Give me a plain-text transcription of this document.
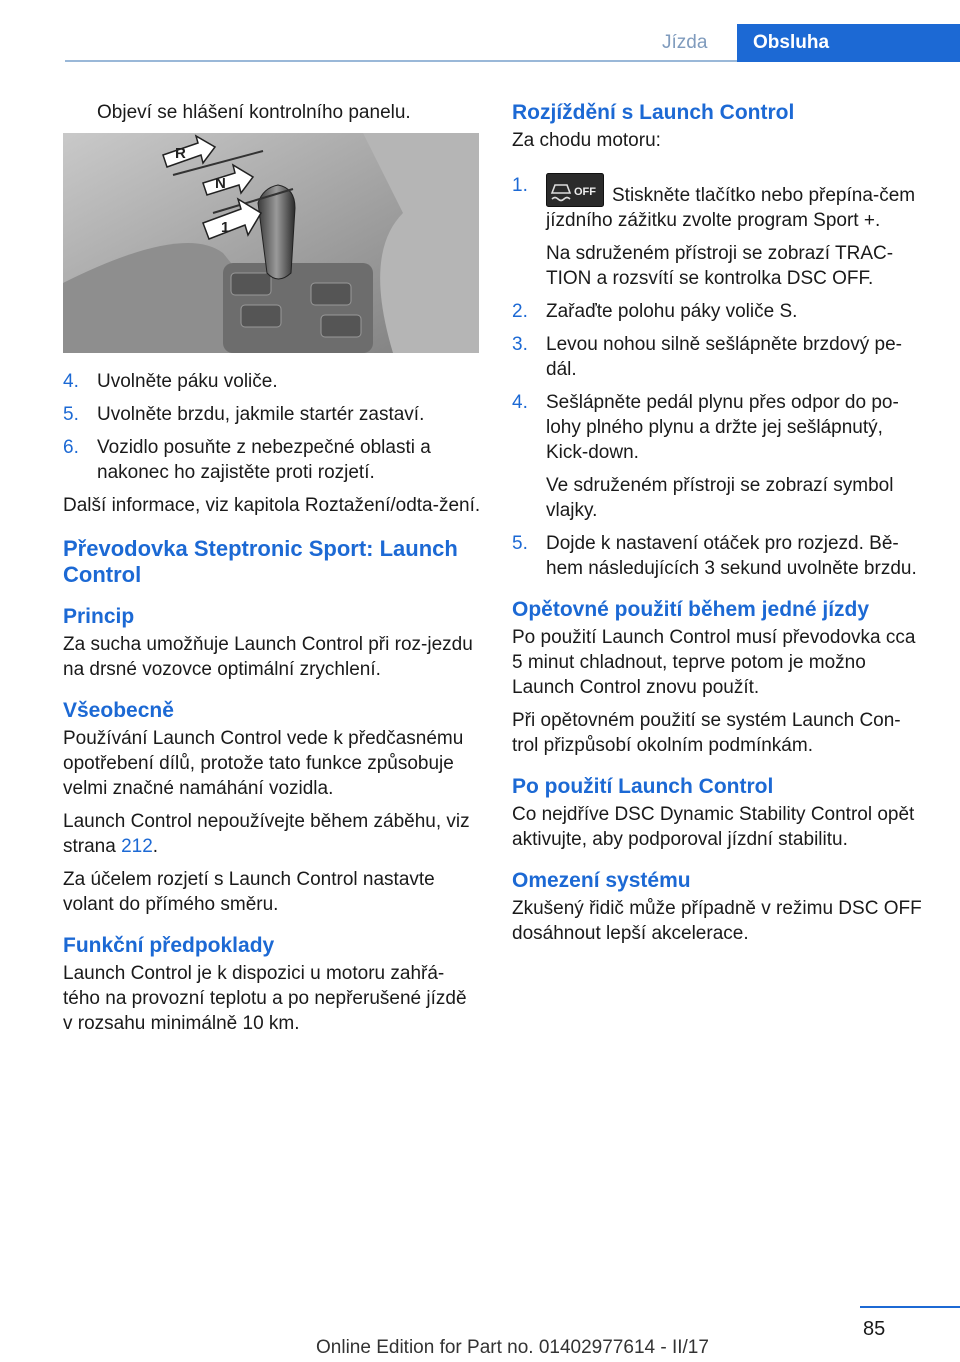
Jízda	Obsluha

Objeví se hlášení kontrolního panelu.

R
N
1
4. Uvolněte páku voliče.
5. Uvolněte brzdu, jakmile startér zastaví.
6. Vozidlo posuňte z nebezpečné oblasti a nakonec ho zajistěte proti rozjetí.

Další informace, viz kapitola Roztažení/odta‐žení.

Převodovka Steptronic Sport: Launch Control
Princip

Za sucha umožňuje Launch Control při roz‐jezdu na drsné vozovce optimální zrychlení.

Všeobecně

Používání Launch Control vede k předčasnému opotřebení dílů, protože tato funkce způsobuje velmi značné namáhání vozidla.

Launch Control nepoužívejte během záběhu, viz strana 212.

Za účelem rozjetí s Launch Control nastavte volant do přímého směru.

Funkční předpoklady

Launch Control je k dispozici u motoru zahřá‐tého na provozní teplotu a po nepřerušené jízdě v rozsahu minimálně 10 km.

Rozjíždění s Launch Control

Za chodu motoru:

1.	OFF Stiskněte tlačítko nebo přepína‐čem jízdního zážitku zvolte program Sport +.
Na sdruženém přístroji se zobrazí TRAC‐TION a rozsvítí se kontrolka DSC OFF.
2. Zařaďte polohu páky voliče S.
3. Levou nohou silně sešlápněte brzdový pe‐dál.
4. Sešlápněte pedál plynu přes odpor do po‐lohy plného plynu a držte jej sešlápnutý, Kick-down.
Ve sdruženém přístroji se zobrazí symbol vlajky.
5. Dojde k nastavení otáček pro rozjezd. Bě‐hem následujících 3 sekund uvolněte brzdu.
Opětovné použití během jedné jízdy

Po použití Launch Control musí převodovka cca 5 minut chladnout, teprve potom je možno Launch Control znovu použít.

Při opětovném použití se systém Launch Con‐trol přizpůsobí okolním podmínkám.

Po použití Launch Control

Co nejdříve DSC Dynamic Stability Control opět aktivujte, aby podporoval jízdní stabilitu.

Omezení systému

Zkušený řidič může případně v režimu DSC OFF dosáhnout lepší akcelerace.

85
Online Edition for Part no. 01402977614 - II/17
